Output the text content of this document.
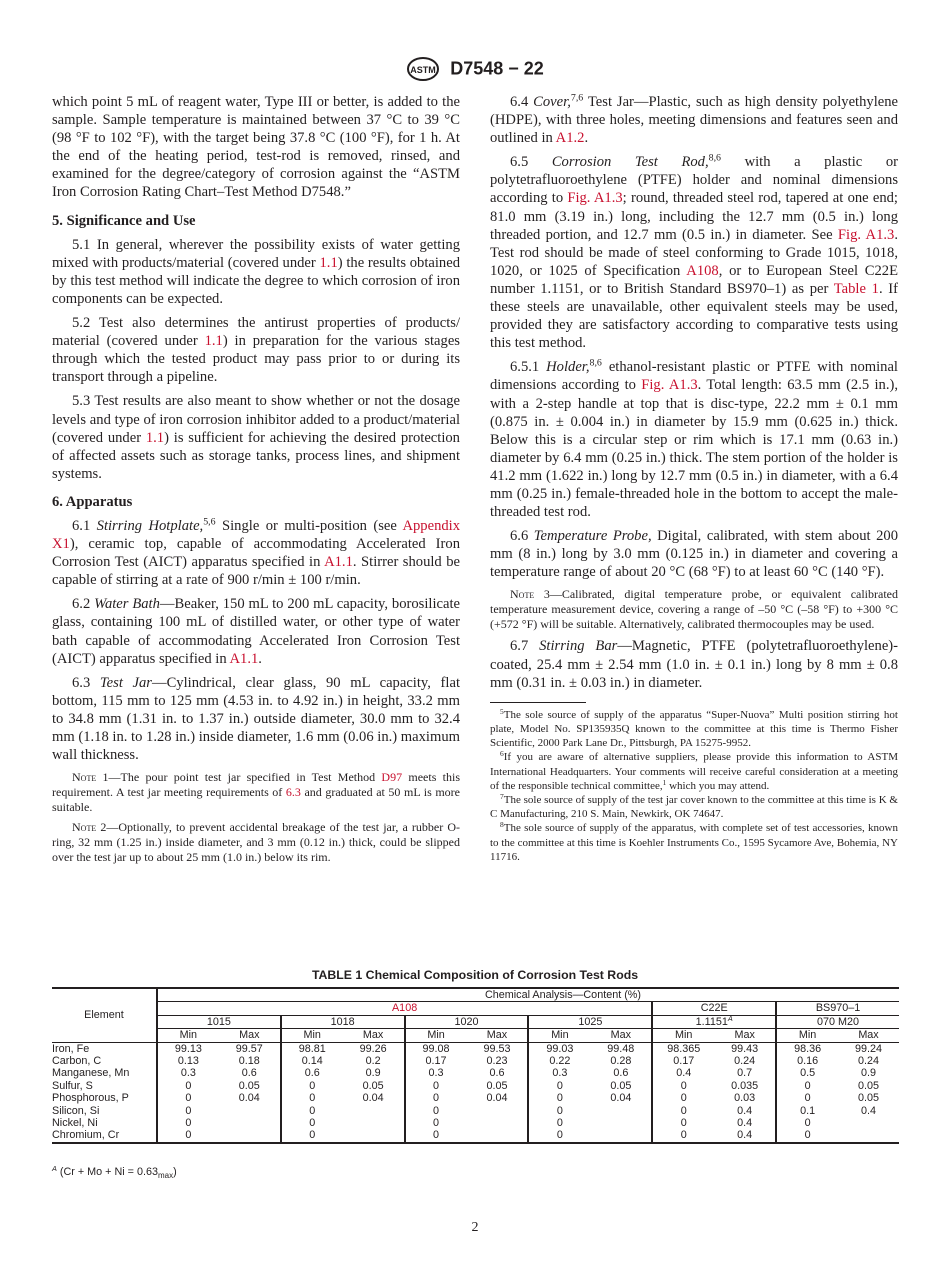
ASTM D7548 − 22
which point 5 mL of reagent water, Type III or better, is added to the sample. Sample temperature is maintained between 37 °C to 39 °C (98 °F to 102 °F), with the target being 37.8 °C (100 °F), for 1 h. At the end of the heating period, test-rod is removed, rinsed, and examined for the degree/category of corrosion against the “ASTM Iron Corrosion Rating Chart–Test Method D7548.”
5. Significance and Use
5.1 In general, wherever the possibility exists of water getting mixed with products/material (covered under 1.1) the results obtained by this test method will indicate the degree to which corrosion of iron components can be expected.
5.2 Test also determines the antirust properties of products/ material (covered under 1.1) in preparation for the various stages through which the tested product may pass prior to or during its transport through a pipeline.
5.3 Test results are also meant to show whether or not the dosage levels and type of iron corrosion inhibitor added to a product/material (covered under 1.1) is sufficient for achieving the desired protection of affected assets such as storage tanks, process lines, and shipment systems.
6. Apparatus
6.1 Stirring Hotplate,$^{5,6}$ Single or multi-position (see Appendix X1), ceramic top, capable of accommodating Accelerated Iron Corrosion Test (AICT) apparatus specified in A1.1. Stirrer should be capable of stirring at a rate of 900 r/min ± 100 r/min.
6.2 Water Bath—Beaker, 150 mL to 200 mL capacity, borosilicate glass, containing 100 mL of distilled water, or other type of water bath capable of accommodating Accelerated Iron Corrosion Test (AICT) apparatus specified in A1.1.
6.3 Test Jar—Cylindrical, clear glass, 90 mL capacity, flat bottom, 115 mm to 125 mm (4.53 in. to 4.92 in.) in height, 33.2 mm to 34.8 mm (1.31 in. to 1.37 in.) outside diameter, 30.0 mm to 32.4 mm (1.18 in. to 1.28 in.) inside diameter, 1.6 mm (0.06 in.) maximum wall thickness.
Note 1—The pour point test jar specified in Test Method D97 meets this requirement. A test jar meeting requirements of 6.3 and graduated at 50 mL is more suitable.
Note 2—Optionally, to prevent accidental breakage of the test jar, a rubber O-ring, 32 mm (1.25 in.) inside diameter, and 3 mm (0.12 in.) thick, could be slipped over the test jar up to about 25 mm (1.0 in.) below its rim.
6.4 Cover,$^{7,6}$ Test Jar—Plastic, such as high density polyethylene (HDPE), with three holes, meeting dimensions and features seen and outlined in A1.2.
6.5 Corrosion Test Rod,$^{8,6}$ with a plastic or polytetrafluoroethylene (PTFE) holder and nominal dimensions according to Fig. A1.3; round, threaded steel rod, tapered at one end; 81.0 mm (3.19 in.) long, including the 12.7 mm (0.5 in.) long threaded portion, and 12.7 mm (0.5 in.) in diameter. See Fig. A1.3. Test rod should be made of steel conforming to Grade 1015, 1018, 1020, or 1025 of Specification A108, or to European Steel C22E number 1.1151, or to British Standard BS970–1) as per Table 1. If these steels are unavailable, other equivalent steels may be used, provided they are satisfactory according to comparative tests using this test method.
6.5.1 Holder,$^{8,6}$ ethanol-resistant plastic or PTFE with nominal dimensions according to Fig. A1.3. Total length: 63.5 mm (2.5 in.), with a 2-step handle at top that is disc-type, 22.2 mm ± 0.1 mm (0.875 in. ± 0.004 in.) in diameter by 15.9 mm (0.625 in.) thick. Below this is a circular step or rim which is 17.1 mm (0.63 in.) diameter by 6.4 mm (0.25 in.) thick. The stem portion of the holder is 41.2 mm (1.622 in.) long by 12.7 mm (0.5 in.) in diameter, with a 6.4 mm (0.25 in.) female-threaded hole in the bottom to accept the male-threaded test rod.
6.6 Temperature Probe, Digital, calibrated, with stem about 200 mm (8 in.) long by 3.0 mm (0.125 in.) in diameter and covering a temperature range of about 20 °C (68 °F) to at least 60 °C (140 °F).
Note 3—Calibrated, digital temperature probe, or equivalent calibrated temperature measurement device, covering a range of –50 °C (–58 °F) to +300 °C (+572 °F) will be suitable. Alternatively, calibrated thermocouples may be used.
6.7 Stirring Bar—Magnetic, PTFE (polytetrafluoroethylene)-coated, 25.4 mm ± 2.54 mm (1.0 in. ± 0.1 in.) long by 8 mm ± 0.8 mm (0.31 in. ± 0.03 in.) in diameter.
$^5$The sole source of supply of the apparatus “Super-Nuova” Multi position stirring hot plate, Model No. SP135935Q known to the committee at this time is Thermo Fisher Scientific, 2000 Park Lane Dr., Pittsburgh, PA 15275-9952.
$^6$If you are aware of alternative suppliers, please provide this information to ASTM International Headquarters. Your comments will receive careful consideration at a meeting of the responsible technical committee,$^1$ which you may attend.
$^7$The sole source of supply of the test jar cover known to the committee at this time is K & C Manufacturing, 210 S. Main, Newkirk, OK 74647.
$^8$The sole source of supply of the apparatus, with complete set of test accessories, known to the committee at this time is Koehler Instruments Co., 1595 Sycamore Ave, Bohemia, NY 11716.
TABLE 1 Chemical Composition of Corrosion Test Rods
Element	Chemical Analysis—Content (%)											
	A108								C22E		BS970–1	
	1015		1018		1020		1025		$1.1151^A$		070 M20	
	Min	Max	Min	Max	Min	Max	Min	Max	Min	Max	Min	Max
Iron, Fe	99.13	99.57	98.81	99.26	99.08	99.53	99.03	99.48	98.365	99.43	98.36	99.24
Carbon, C	0.13	0.18	0.14	0.2	0.17	0.23	0.22	0.28	0.17	0.24	0.16	0.24
Manganese, Mn	0.3	0.6	0.6	0.9	0.3	0.6	0.3	0.6	0.4	0.7	0.5	0.9
Sulfur, S	0	0.05	0	0.05	0	0.05	0	0.05	0	0.035	0	0.05
Phosphorous, P	0	0.04	0	0.04	0	0.04	0	0.04	0	0.03	0	0.05
Silicon, Si	0		0		0		0		0	0.4	0.1	0.4
Nickel, Ni	0		0		0		0		0	0.4	0	
Chromium, Cr	0		0		0		0		0	0.4	0	
$^A$ $(Cr + Mo + Ni = 0.63_{max})$
2
